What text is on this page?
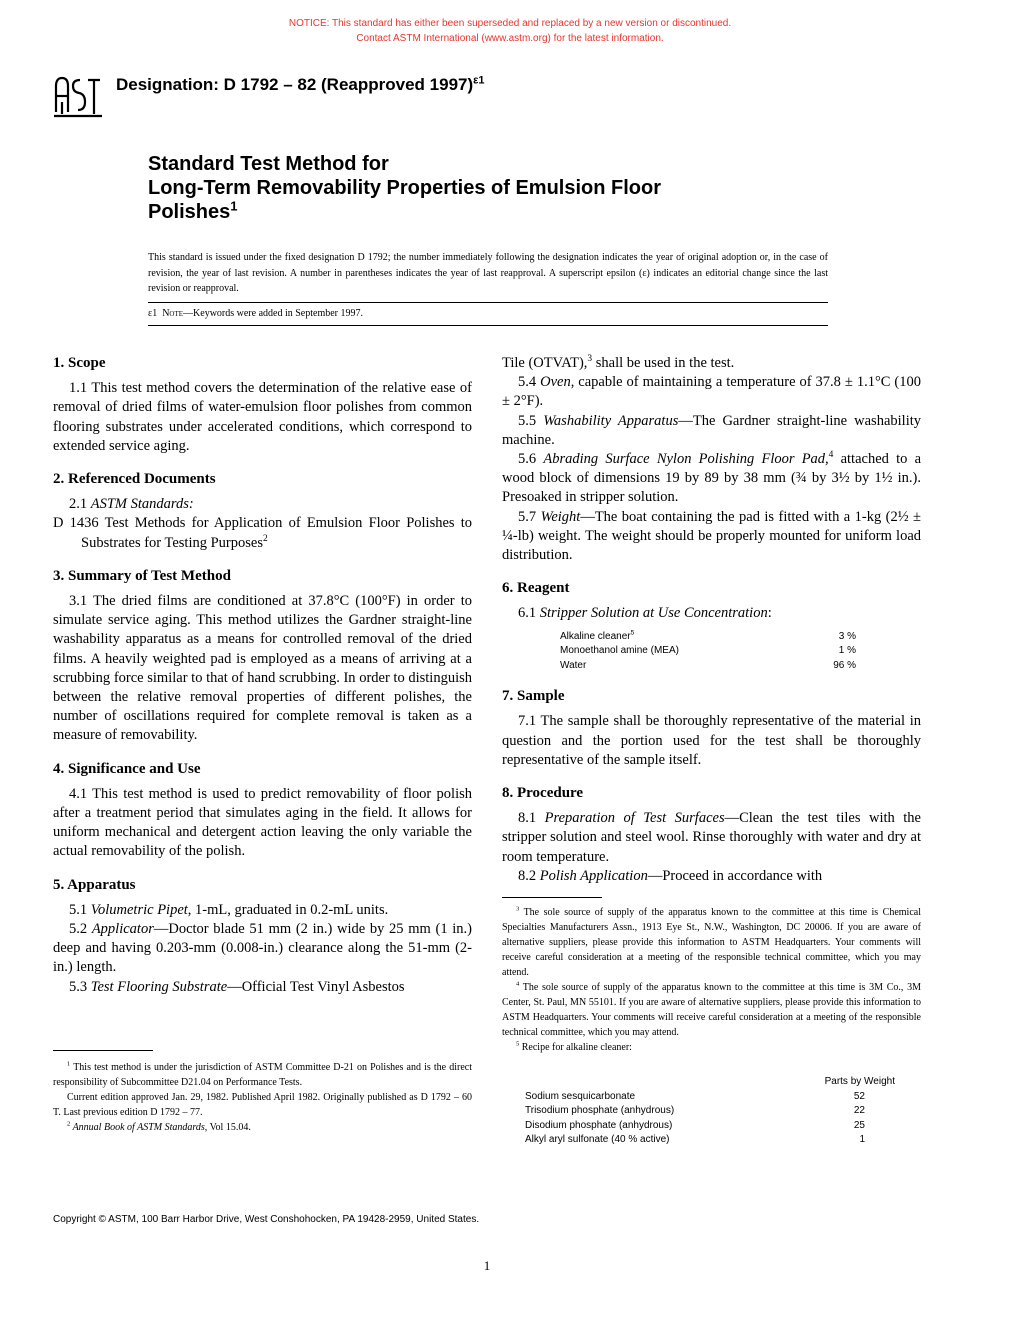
NOTICE: This standard has either been superseded and replaced by a new version or discontinued.
Contact ASTM International (www.astm.org) for the latest information.
ASTM
Designation: D 1792 – 82 (Reapproved 1997)$^{\varepsilon 1}$
Standard Test Method for
Long-Term Removability Properties of Emulsion Floor
Polishes$^1$
This standard is issued under the fixed designation D 1792; the number immediately following the designation indicates the year of original adoption or, in the case of revision, the year of last revision. A number in parentheses indicates the year of last reapproval. A superscript epsilon (ε) indicates an editorial change since the last revision or reapproval.
ε1 Note—Keywords were added in September 1997.

1. Scope

1.1 This test method covers the determination of the relative ease of removal of dried films of water-emulsion floor polishes from common flooring substrates under accelerated conditions, which correspond to extended service aging.

2. Referenced Documents

2.1 ASTM Standards:

D 1436 Test Methods for Application of Emulsion Floor Polishes to Substrates for Testing Purposes$^2$

3. Summary of Test Method

3.1 The dried films are conditioned at 37.8°C (100°F) in order to simulate service aging. This method utilizes the Gardner straight-line washability apparatus as a means for controlled removal of the dried films. A heavily weighted pad is employed as a means of arriving at a scrubbing force similar to that of hand scrubbing. In order to distinguish between the relative removal properties of different polishes, the number of oscillations required for complete removal is taken as a measure of removability.

4. Significance and Use

4.1 This test method is used to predict removability of floor polish after a treatment period that simulates aging in the field. It allows for uniform mechanical and detergent action leaving the only variable the actual removability of the polish.

5. Apparatus

5.1 Volumetric Pipet, 1-mL, graduated in 0.2-mL units.

5.2 Applicator—Doctor blade 51 mm (2 in.) wide by 25 mm (1 in.) deep and having 0.203-mm (0.008-in.) clearance along the 51-mm (2-in.) length.

5.3 Test Flooring Substrate—Official Test Vinyl Asbestos

$^1$ This test method is under the jurisdiction of ASTM Committee D-21 on Polishes and is the direct responsibility of Subcommittee D21.04 on Performance Tests.

Current edition approved Jan. 29, 1982. Published April 1982. Originally published as D 1792 – 60 T. Last previous edition D 1792 – 77.

$^2$ Annual Book of ASTM Standards, Vol 15.04.

Tile (OTVAT),$^3$ shall be used in the test.

5.4 Oven, capable of maintaining a temperature of 37.8 ± 1.1°C (100 ± 2°F).

5.5 Washability Apparatus—The Gardner straight-line washability machine.

5.6 Abrading Surface Nylon Polishing Floor Pad,$^4$ attached to a wood block of dimensions 19 by 89 by 38 mm (¾ by 3½ by 1½ in.). Presoaked in stripper solution.

5.7 Weight—The boat containing the pad is fitted with a 1-kg (2½ ± ¼-lb) weight. The weight should be properly mounted for uniform load distribution.

6. Reagent

6.1 Stripper Solution at Use Concentration:

Alkaline cleaner$^5$	3 %
Monoethanol amine (MEA)	1 %
Water	96 %

7. Sample

7.1 The sample shall be thoroughly representative of the material in question and the portion used for the test shall be thoroughly representative of the sample itself.

8. Procedure

8.1 Preparation of Test Surfaces—Clean the test tiles with the stripper solution and steel wool. Rinse thoroughly with water and dry at room temperature.

8.2 Polish Application—Proceed in accordance with

$^3$ The sole source of supply of the apparatus known to the committee at this time is Chemical Specialties Manufacturers Assn., 1913 Eye St., N.W., Washington, DC 20006. If you are aware of alternative suppliers, please provide this information to ASTM Headquarters. Your comments will receive careful consideration at a meeting of the responsible technical committee, which you may attend.

$^4$ The sole source of supply of the apparatus known to the committee at this time is 3M Co., 3M Center, St. Paul, MN 55101. If you are aware of alternative suppliers, please provide this information to ASTM Headquarters. Your comments will receive careful consideration at a meeting of the responsible technical committee, which you may attend.

$^5$ Recipe for alkaline cleaner:

	Parts by Weight
Sodium sesquicarbonate	52
Trisodium phosphate (anhydrous)	22
Disodium phosphate (anhydrous)	25
Alkyl aryl sulfonate (40 % active)	1
Copyright © ASTM, 100 Barr Harbor Drive, West Conshohocken, PA 19428-2959, United States.
1
